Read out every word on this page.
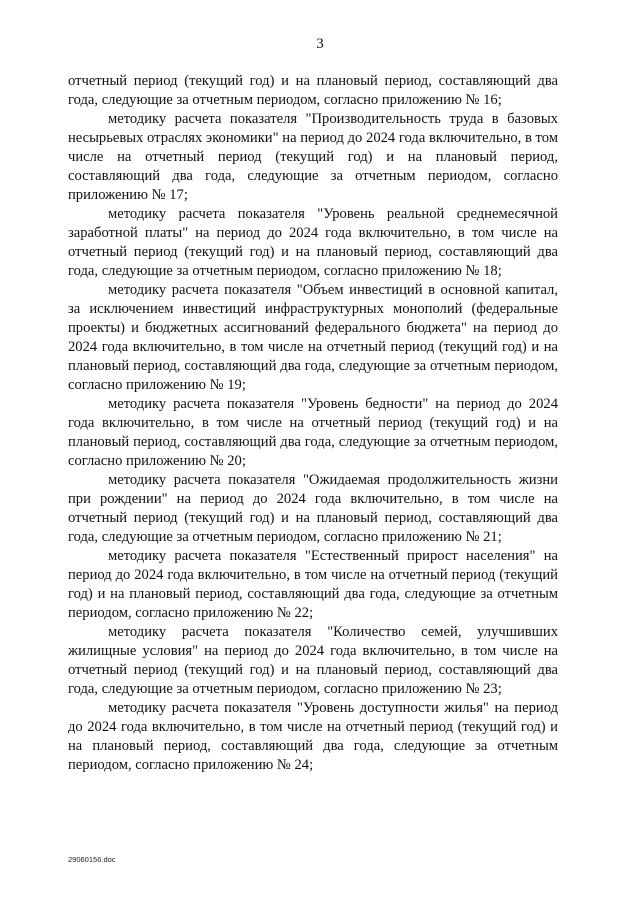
3

отчетный период (текущий год) и на плановый период, составляющий два года, следующие за отчетным периодом, согласно приложению № 16;

методику расчета показателя "Производительность труда в базовых несырьевых отраслях экономики" на период до 2024 года включительно, в том числе на отчетный период (текущий год) и на плановый период, составляющий два года, следующие за отчетным периодом, согласно приложению № 17;

методику расчета показателя "Уровень реальной среднемесячной заработной платы" на период до 2024 года включительно, в том числе на отчетный период (текущий год) и на плановый период, составляющий два года, следующие за отчетным периодом, согласно приложению № 18;

методику расчета показателя "Объем инвестиций в основной капитал, за исключением инвестиций инфраструктурных монополий (федеральные проекты) и бюджетных ассигнований федерального бюджета" на период до 2024 года включительно, в том числе на отчетный период (текущий год) и на плановый период, составляющий два года, следующие за отчетным периодом, согласно приложению № 19;

методику расчета показателя "Уровень бедности" на период до 2024 года включительно, в том числе на отчетный период (текущий год) и на плановый период, составляющий два года, следующие за отчетным периодом, согласно приложению № 20;

методику расчета показателя "Ожидаемая продолжительность жизни при рождении" на период до 2024 года включительно, в том числе на отчетный период (текущий год) и на плановый период, составляющий два года, следующие за отчетным периодом, согласно приложению № 21;

методику расчета показателя "Естественный прирост населения" на период до 2024 года включительно, в том числе на отчетный период (текущий год) и на плановый период, составляющий два года, следующие за отчетным периодом, согласно приложению № 22;

методику расчета показателя "Количество семей, улучшивших жилищные условия" на период до 2024 года включительно, в том числе на отчетный период (текущий год) и на плановый период, составляющий два года, следующие за отчетным периодом, согласно приложению № 23;

методику расчета показателя "Уровень доступности жилья" на период до 2024 года включительно, в том числе на отчетный период (текущий год) и на плановый период, составляющий два года, следующие за отчетным периодом, согласно приложению № 24;

29060156.doc
